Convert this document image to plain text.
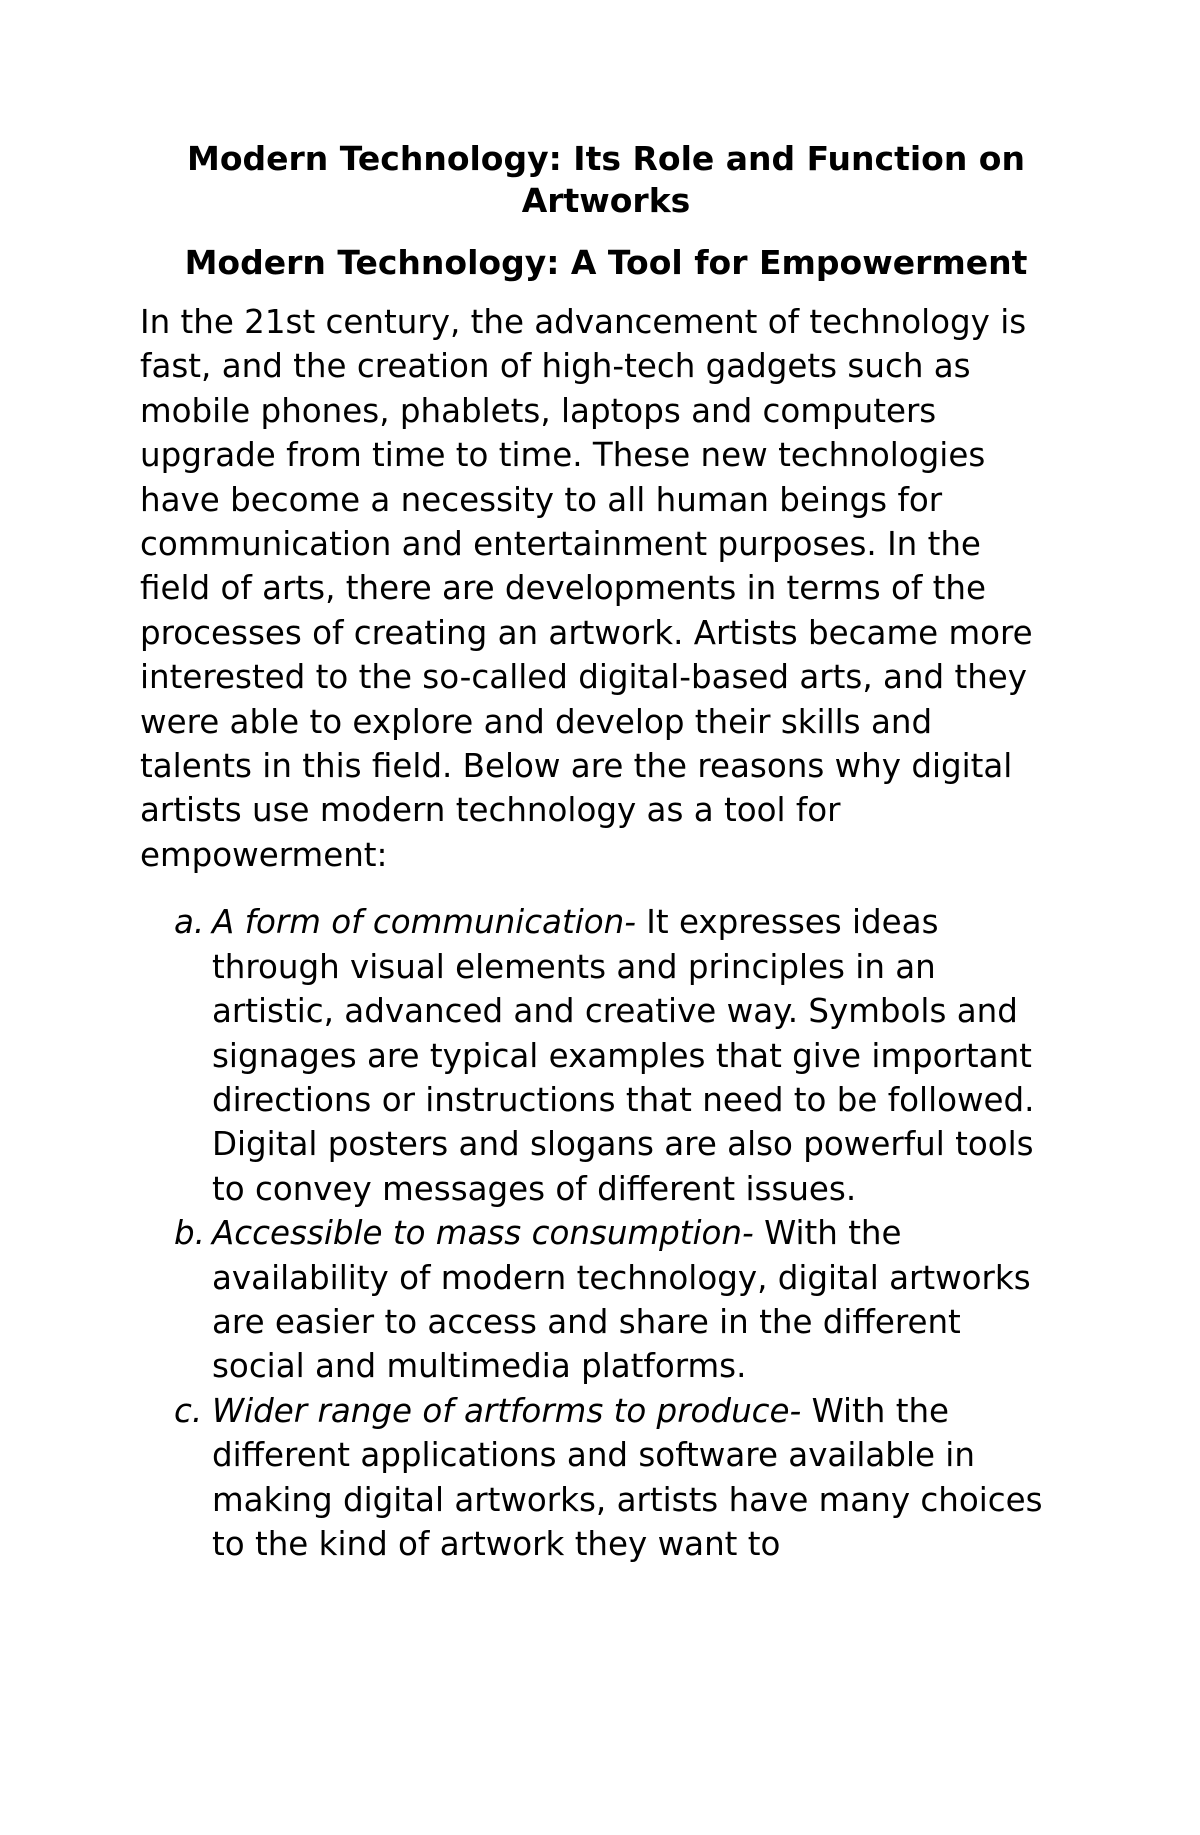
Modern Technology: Its Role and Function on Artworks
Modern Technology: A Tool for Empowerment

In the 21st century, the advancement of technology is fast, and the creation of high-tech gadgets such as mobile phones, phablets, laptops and computers upgrade from time to time. These new technologies have become a necessity to all human beings for communication and entertainment purposes. In the field of arts, there are developments in terms of the processes of creating an artwork. Artists became more interested to the so-called digital-based arts, and they were able to explore and develop their skills and talents in this field. Below are the reasons why digital artists use modern technology as a tool for empowerment:

a. A form of communication- It expresses ideas through visual elements and principles in an artistic, advanced and creative way. Symbols and signages are typical examples that give important directions or instructions that need to be followed. Digital posters and slogans are also powerful tools to convey messages of different issues.
b. Accessible to mass consumption- With the availability of modern technology, digital artworks are easier to access and share in the different social and multimedia platforms.
c. Wider range of artforms to produce- With the different applications and software available in making digital artworks, artists have many choices to the kind of artwork they want to
